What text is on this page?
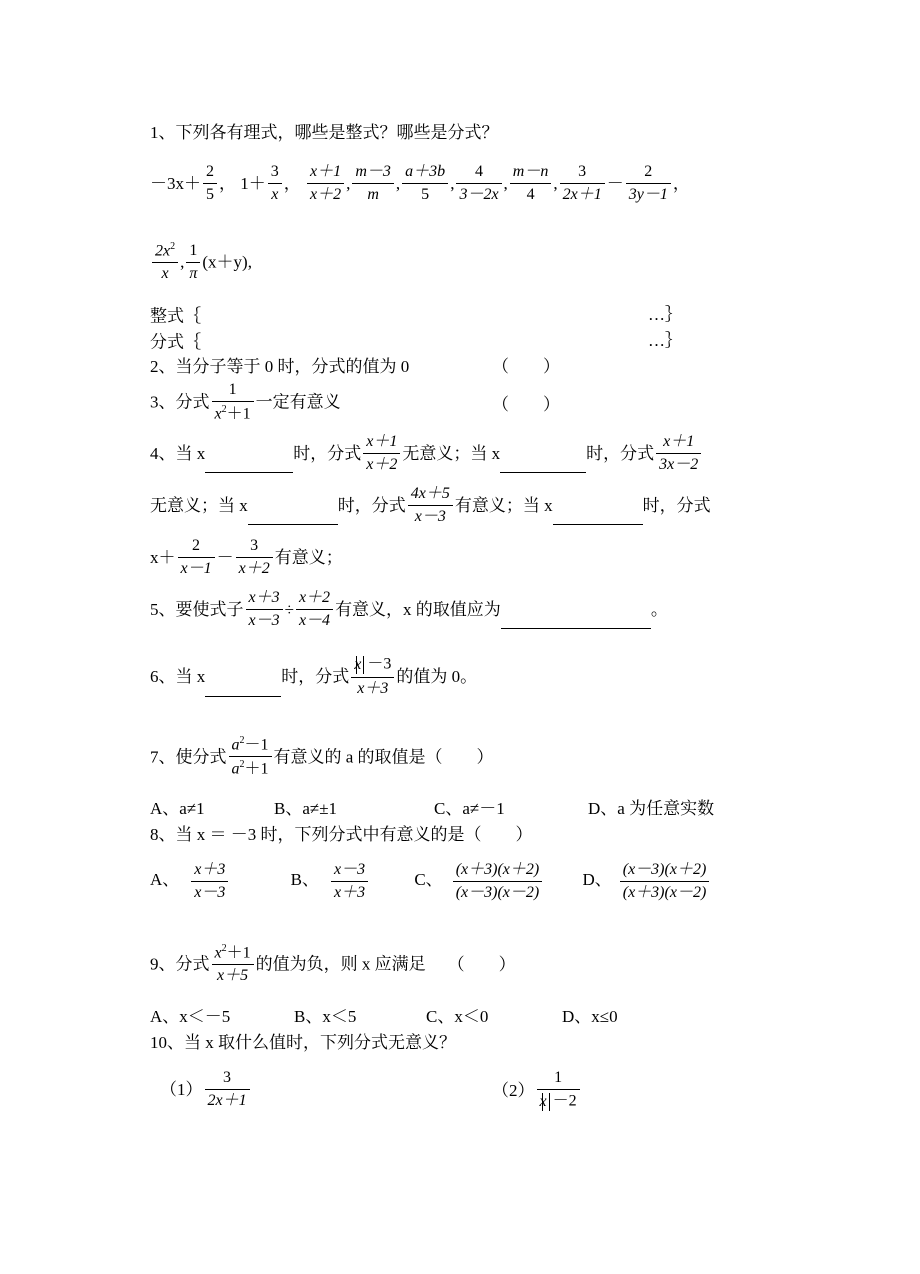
1、下列各有理式，哪些是整式？哪些是分式？
$-3x+ \frac{2}{5}$ ， $1+ \frac{3}{x}$ ， $\frac{x+1}{x+2}$ , $\frac{m-3}{m}$ , $\frac{a+3b}{5}$ , $\frac{4}{3-2x}$ , $\frac{m-n}{4}$ , $\frac{3}{2x+1} - \frac{2}{3y-1}$ ，
$\frac{2x^2}{x}$ , $\frac{1}{\pi} (x+y)$,
整式｛	…｝
分式｛	…｝
2、当分子等于 0 时，分式的值为 0	（　　）
3、分式 $\frac{1}{x^2+1}$ 一定有意义	（　　）
4、当 x	时，分式 $\frac{x+1}{x+2}$ 无意义；当 x	时，分式 $\frac{x+1}{3x-2}$
无意义；当 x	时，分式 $\frac{4x+5}{x-3}$ 有意义；当 x	时，分式
$x+ \frac{2}{x-1} - \frac{3}{x+2}$ 有意义；
5、要使式子 $\frac{x+3}{x-3} \div \frac{x+2}{x-4}$ 有意义，x 的取值应为	。
6、当 x	时，分式 $\frac{x -3}{x+3}$ 的值为 0。
7、使分式 $\frac{a^2-1}{a^2+1}$ 有意义的 a 的取值是（　　）
A、a≠1	B、a≠±1	C、a≠－1	D、a 为任意实数
8、当 x ＝ －3 时，下列分式中有意义的是（　　）
A、 $\frac{x+3}{x-3}$	B、 $\frac{x-3}{x+3}$	C、 $\frac{(x+3)(x+2)}{(x-3)(x-2)}$ D、 $\frac{(x-3)(x+2)}{(x+3)(x-2)}$
9、分式 $\frac{x^2+1}{x+5}$ 的值为负，则 x 应满足 （　　）
A、x＜－5	B、x＜5	C、x＜0	D、x≤0
10、当 x 取什么值时，下列分式无意义？
$(1) \frac{3}{2x+1}$	$(2) \frac{1}{x -2}$
